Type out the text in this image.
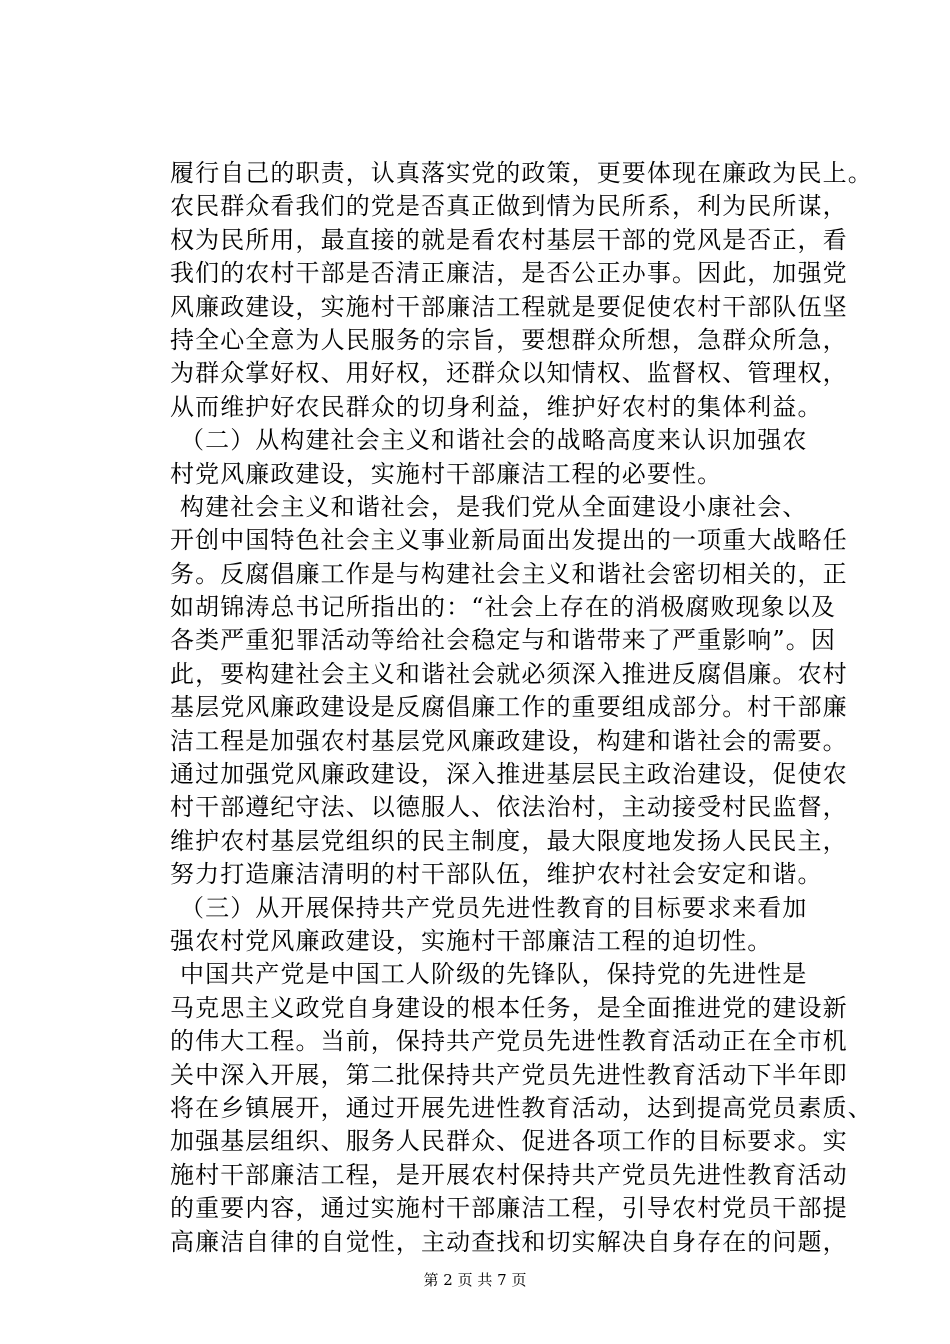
履行自己的职责，认真落实党的政策，更要体现在廉政为民上。
农民群众看我们的党是否真正做到情为民所系，利为民所谋，
权为民所用，最直接的就是看农村基层干部的党风是否正，看
我们的农村干部是否清正廉洁，是否公正办事。因此，加强党
风廉政建设，实施村干部廉洁工程就是要促使农村干部队伍坚
持全心全意为人民服务的宗旨，要想群众所想，急群众所急，
为群众掌好权、用好权，还群众以知情权、监督权、管理权，
从而维护好农民群众的切身利益，维护好农村的集体利益。
（二）从构建社会主义和谐社会的战略高度来认识加强农
村党风廉政建设，实施村干部廉洁工程的必要性。
构建社会主义和谐社会，是我们党从全面建设小康社会、
开创中国特色社会主义事业新局面出发提出的一项重大战略任
务。反腐倡廉工作是与构建社会主义和谐社会密切相关的，正
如胡锦涛总书记所指出的：“社会上存在的消极腐败现象以及
各类严重犯罪活动等给社会稳定与和谐带来了严重影响”。因
此，要构建社会主义和谐社会就必须深入推进反腐倡廉。农村
基层党风廉政建设是反腐倡廉工作的重要组成部分。村干部廉
洁工程是加强农村基层党风廉政建设，构建和谐社会的需要。
通过加强党风廉政建设，深入推进基层民主政治建设，促使农
村干部遵纪守法、以德服人、依法治村，主动接受村民监督，
维护农村基层党组织的民主制度，最大限度地发扬人民民主，
努力打造廉洁清明的村干部队伍，维护农村社会安定和谐。
（三）从开展保持共产党员先进性教育的目标要求来看加
强农村党风廉政建设，实施村干部廉洁工程的迫切性。
中国共产党是中国工人阶级的先锋队，保持党的先进性是
马克思主义政党自身建设的根本任务，是全面推进党的建设新
的伟大工程。当前，保持共产党员先进性教育活动正在全市机
关中深入开展，第二批保持共产党员先进性教育活动下半年即
将在乡镇展开，通过开展先进性教育活动，达到提高党员素质、
加强基层组织、服务人民群众、促进各项工作的目标要求。实
施村干部廉洁工程，是开展农村保持共产党员先进性教育活动
的重要内容，通过实施村干部廉洁工程，引导农村党员干部提
高廉洁自律的自觉性，主动查找和切实解决自身存在的问题，
第 2 页 共 7 页
